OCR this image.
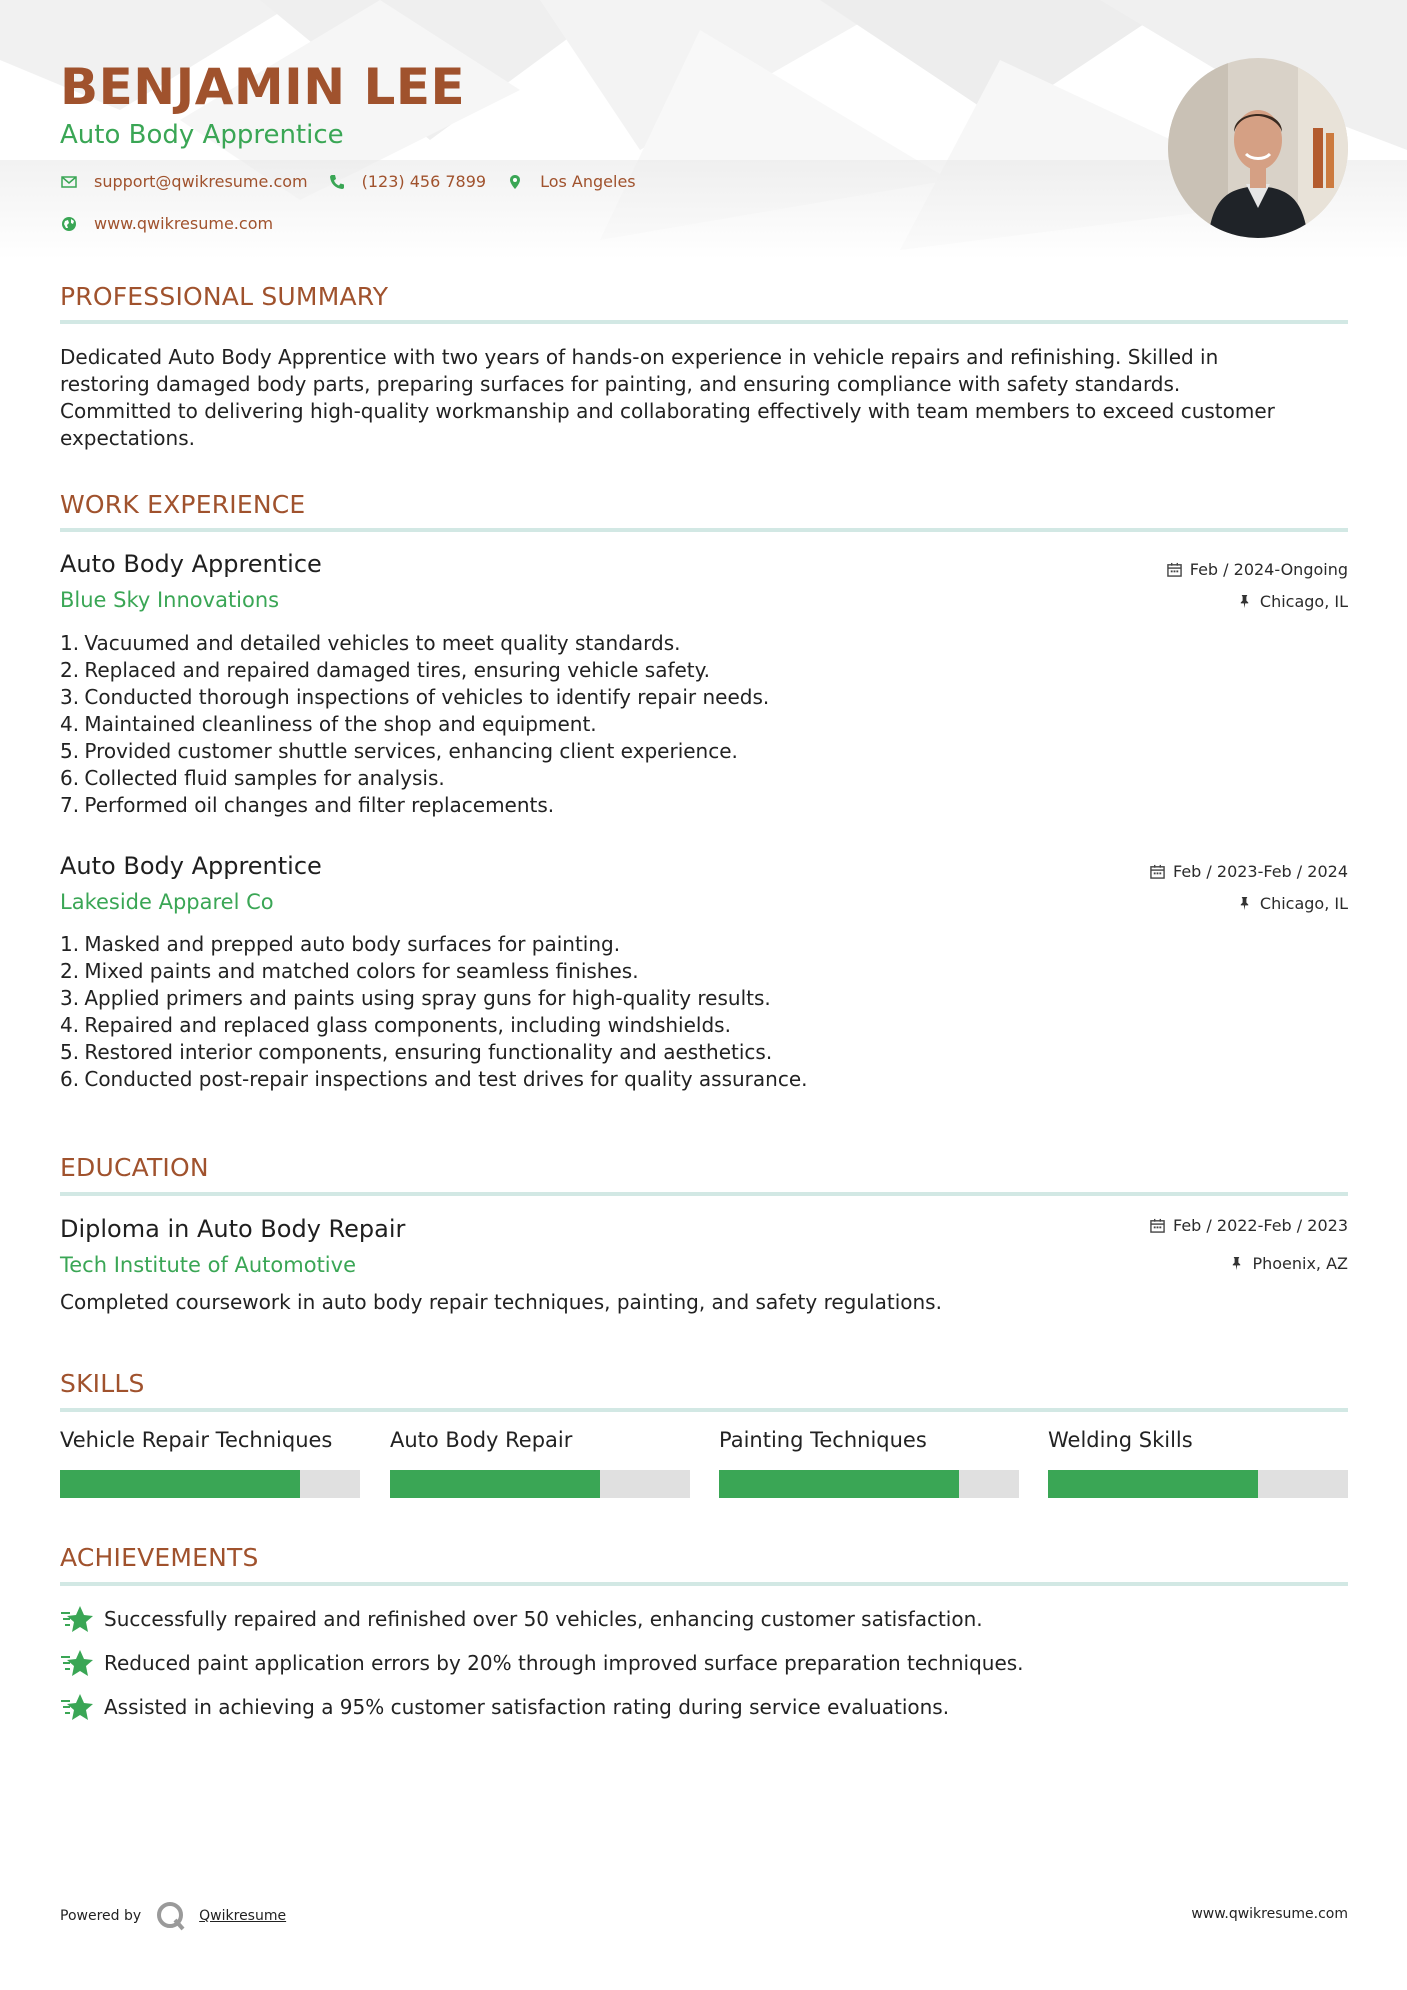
BENJAMIN LEE
Auto Body Apprentice
support@qwikresume.com	(123) 456 7899	Los Angeles
www.qwikresume.com
PROFESSIONAL SUMMARY
Dedicated Auto Body Apprentice with two years of hands-on experience in vehicle repairs and refinishing. Skilled in
restoring damaged body parts, preparing surfaces for painting, and ensuring compliance with safety standards.
Committed to delivering high-quality workmanship and collaborating effectively with team members to exceed customer
expectations.
WORK EXPERIENCE
Auto Body Apprentice
Blue Sky Innovations
Feb / 2024-Ongoing
Chicago, IL
1.
Vacuumed and detailed vehicles to meet quality standards.
2.
Replaced and repaired damaged tires, ensuring vehicle safety.
3.
Conducted thorough inspections of vehicles to identify repair needs.
4.
Maintained cleanliness of the shop and equipment.
5.
Provided customer shuttle services, enhancing client experience.
6.
Collected fluid samples for analysis.
7.
Performed oil changes and filter replacements.
Auto Body Apprentice
Lakeside Apparel Co
Feb / 2023-Feb / 2024
Chicago, IL
1.
Masked and prepped auto body surfaces for painting.
2.
Mixed paints and matched colors for seamless finishes.
3.
Applied primers and paints using spray guns for high-quality results.
4.
Repaired and replaced glass components, including windshields.
5.
Restored interior components, ensuring functionality and aesthetics.
6.
Conducted post-repair inspections and test drives for quality assurance.
EDUCATION
Diploma in Auto Body Repair
Tech Institute of Automotive
Feb / 2022-Feb / 2023
Phoenix, AZ
Completed coursework in auto body repair techniques, painting, and safety regulations.
SKILLS
Vehicle Repair Techniques	Auto Body Repair	Painting Techniques	Welding Skills
ACHIEVEMENTS
Successfully repaired and refinished over 50 vehicles, enhancing customer satisfaction.
Reduced paint application errors by 20% through improved surface preparation techniques.
Assisted in achieving a 95% customer satisfaction rating during service evaluations.
Powered by	Qwikresume	www.qwikresume.com
